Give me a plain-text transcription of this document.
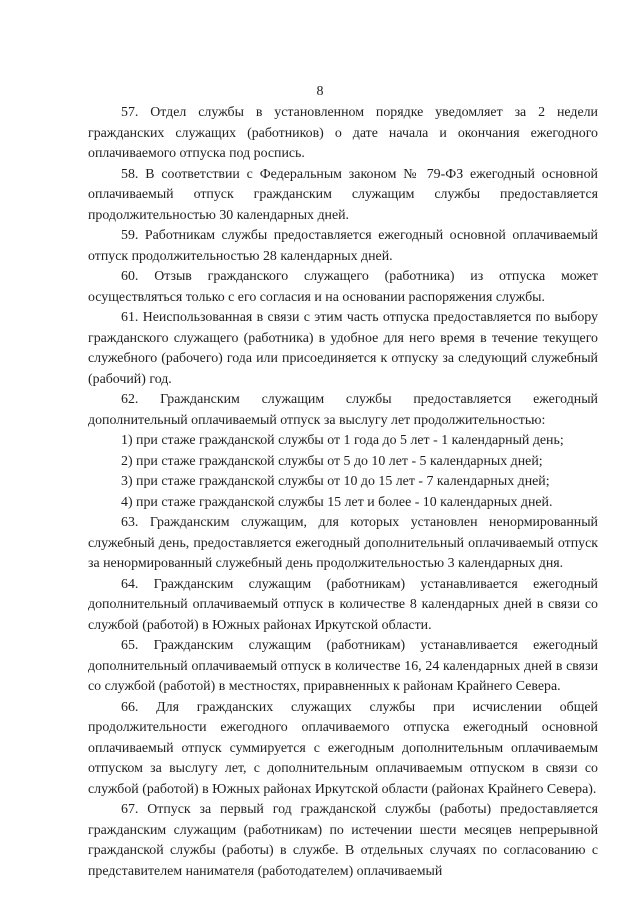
8

57. Отдел службы в установленном порядке уведомляет за 2 недели гражданских служащих (работников) о дате начала и окончания ежегодного оплачиваемого отпуска под роспись.

58. В соответствии с Федеральным законом № 79-ФЗ ежегодный основной оплачиваемый отпуск гражданским служащим службы предоставляется продолжительностью 30 календарных дней.

59. Работникам службы предоставляется ежегодный основной оплачиваемый отпуск продолжительностью 28 календарных дней.

60. Отзыв гражданского служащего (работника) из отпуска может осуществляться только с его согласия и на основании распоряжения службы.

61. Неиспользованная в связи с этим часть отпуска предоставляется по выбору гражданского служащего (работника) в удобное для него время в течение текущего служебного (рабочего) года или присоединяется к отпуску за следующий служебный (рабочий) год.

62. Гражданским служащим службы предоставляется ежегодный дополнительный оплачиваемый отпуск за выслугу лет продолжительностью:

1) при стаже гражданской службы от 1 года до 5 лет - 1 календарный день;

2) при стаже гражданской службы от 5 до 10 лет - 5 календарных дней;

3) при стаже гражданской службы от 10 до 15 лет - 7 календарных дней;

4) при стаже гражданской службы 15 лет и более - 10 календарных дней.

63. Гражданским служащим, для которых установлен ненормированный служебный день, предоставляется ежегодный дополнительный оплачиваемый отпуск за ненормированный служебный день продолжительностью 3 календарных дня.

64. Гражданским служащим (работникам) устанавливается ежегодный дополнительный оплачиваемый отпуск в количестве 8 календарных дней в связи со службой (работой) в Южных районах Иркутской области.

65. Гражданским служащим (работникам) устанавливается ежегодный дополнительный оплачиваемый отпуск в количестве 16, 24 календарных дней в связи со службой (работой) в местностях, приравненных к районам Крайнего Севера.

66. Для гражданских служащих службы при исчислении общей продолжительности ежегодного оплачиваемого отпуска ежегодный основной оплачиваемый отпуск суммируется с ежегодным дополнительным оплачиваемым отпуском за выслугу лет, с дополнительным оплачиваемым отпуском в связи со службой (работой) в Южных районах Иркутской области (районах Крайнего Севера).

67. Отпуск за первый год гражданской службы (работы) предоставляется гражданским служащим (работникам) по истечении шести месяцев непрерывной гражданской службы (работы) в службе. В отдельных случаях по согласованию с представителем нанимателя (работодателем) оплачиваемый
